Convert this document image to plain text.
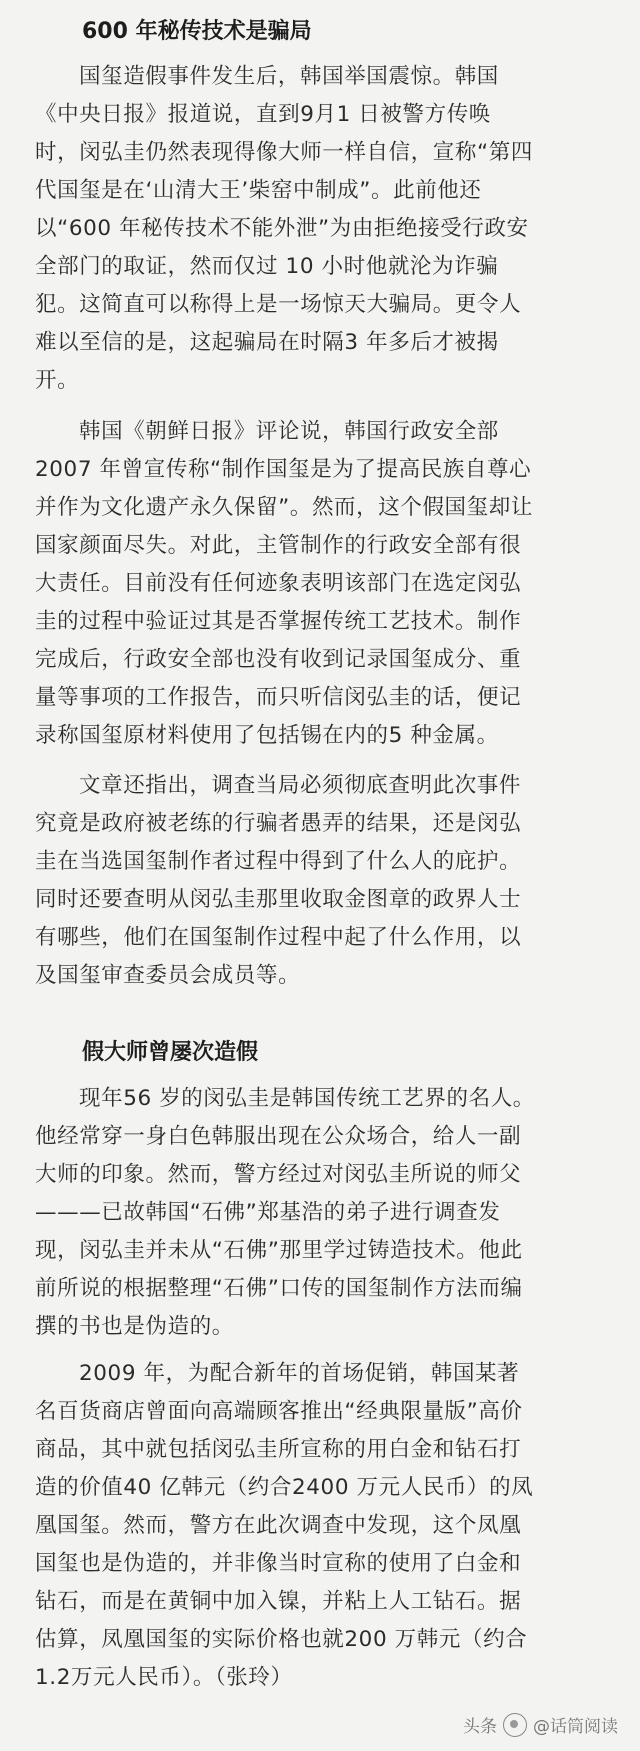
600 年秘传技术是骗局
国玺造假事件发生后，韩国举国震惊。韩国
《中央日报》报道说，直到9月1 日被警方传唤
时，闵弘圭仍然表现得像大师一样自信，宣称“第四
代国玺是在‘山清大王’柴窑中制成”。此前他还
以“600 年秘传技术不能外泄”为由拒绝接受行政安
全部门的取证，然而仅过 10 小时他就沦为诈骗
犯。这简直可以称得上是一场惊天大骗局。更令人
难以至信的是，这起骗局在时隔3 年多后才被揭
开。
韩国《朝鲜日报》评论说，韩国行政安全部
2007 年曾宣传称“制作国玺是为了提高民族自尊心
并作为文化遗产永久保留”。然而，这个假国玺却让
国家颜面尽失。对此，主管制作的行政安全部有很
大责任。目前没有任何迹象表明该部门在选定闵弘
圭的过程中验证过其是否掌握传统工艺技术。制作
完成后，行政安全部也没有收到记录国玺成分、重
量等事项的工作报告，而只听信闵弘圭的话，便记
录称国玺原材料使用了包括锡在内的5 种金属。
文章还指出，调查当局必须彻底查明此次事件
究竟是政府被老练的行骗者愚弄的结果，还是闵弘
圭在当选国玺制作者过程中得到了什么人的庇护。
同时还要查明从闵弘圭那里收取金图章的政界人士
有哪些，他们在国玺制作过程中起了什么作用，以
及国玺审查委员会成员等。
假大师曾屡次造假
现年56 岁的闵弘圭是韩国传统工艺界的名人。
他经常穿一身白色韩服出现在公众场合，给人一副
大师的印象。然而，警方经过对闵弘圭所说的师父
———已故韩国“石佛”郑基浩的弟子进行调查发
现，闵弘圭并未从“石佛”那里学过铸造技术。他此
前所说的根据整理“石佛”口传的国玺制作方法而编
撰的书也是伪造的。
2009 年，为配合新年的首场促销，韩国某著
名百货商店曾面向高端顾客推出“经典限量版”高价
商品，其中就包括闵弘圭所宣称的用白金和钻石打
造的价值40 亿韩元（约合2400 万元人民币）的凤
凰国玺。然而，警方在此次调查中发现，这个凤凰
国玺也是伪造的，并非像当时宣称的使用了白金和
钻石，而是在黄铜中加入镍，并粘上人工钻石。据
估算，凤凰国玺的实际价格也就200 万韩元（约合
1.2万元人民币）。（张玲）
头条 @话筒阅读
